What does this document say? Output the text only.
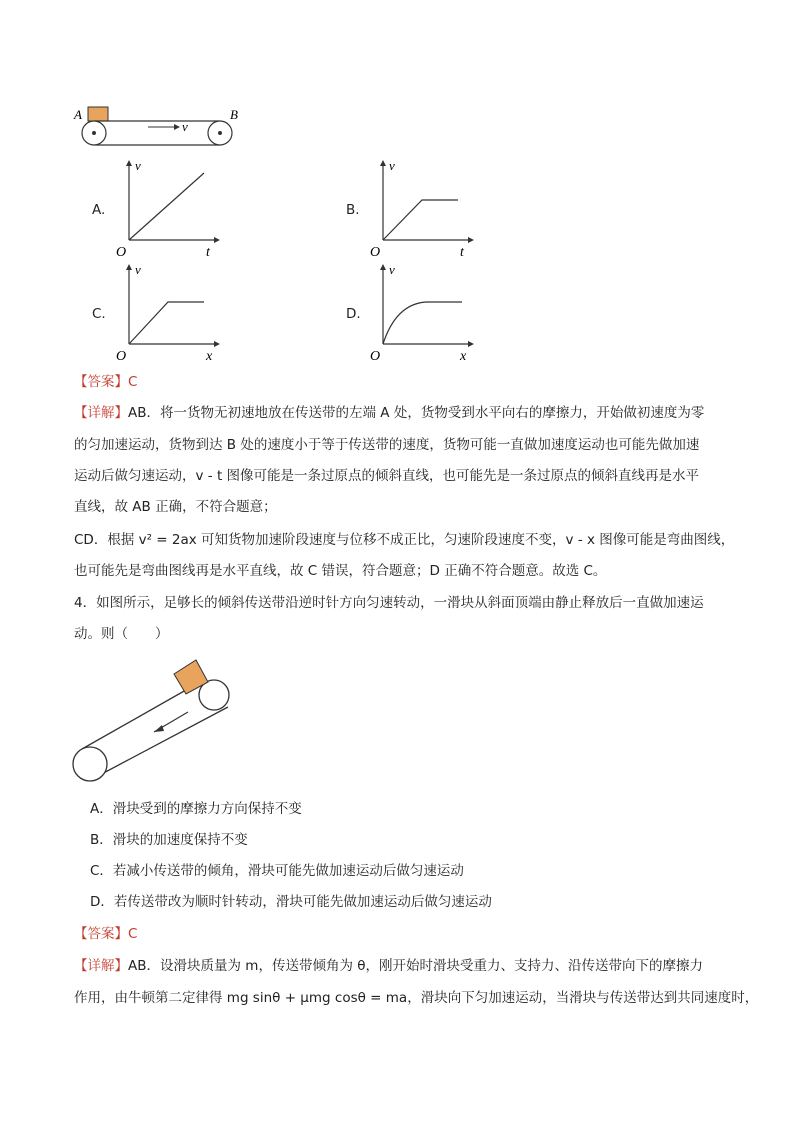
A	B
v
A.
O	t
v
B.
O	t
v
C.
O	x
v
D.
O	x
v
【答案】C
【详解】AB．将一货物无初速地放在传送带的左端 A 处，货物受到水平向右的摩擦力，开始做初速度为零
的匀加速运动，货物到达 B 处的速度小于等于传送带的速度，货物可能一直做加速度运动也可能先做加速
运动后做匀速运动，v - t 图像可能是一条过原点的倾斜直线，也可能先是一条过原点的倾斜直线再是水平
直线，故 AB 正确，不符合题意；
CD．根据 v² = 2ax 可知货物加速阶段速度与位移不成正比，匀速阶段速度不变，v - x 图像可能是弯曲图线，
也可能先是弯曲图线再是水平直线，故 C 错误，符合题意；D 正确不符合题意。故选 C。
4．如图所示，足够长的倾斜传送带沿逆时针方向匀速转动，一滑块从斜面顶端由静止释放后一直做加速运
动。则（　　）
A．滑块受到的摩擦力方向保持不变
B．滑块的加速度保持不变
C．若减小传送带的倾角，滑块可能先做加速运动后做匀速运动
D．若传送带改为顺时针转动，滑块可能先做加速运动后做匀速运动
【答案】C
【详解】AB．设滑块质量为 m，传送带倾角为 θ，刚开始时滑块受重力、支持力、沿传送带向下的摩擦力
作用，由牛顿第二定律得 mg sinθ + μmg cosθ = ma，滑块向下匀加速运动，当滑块与传送带达到共同速度时，
